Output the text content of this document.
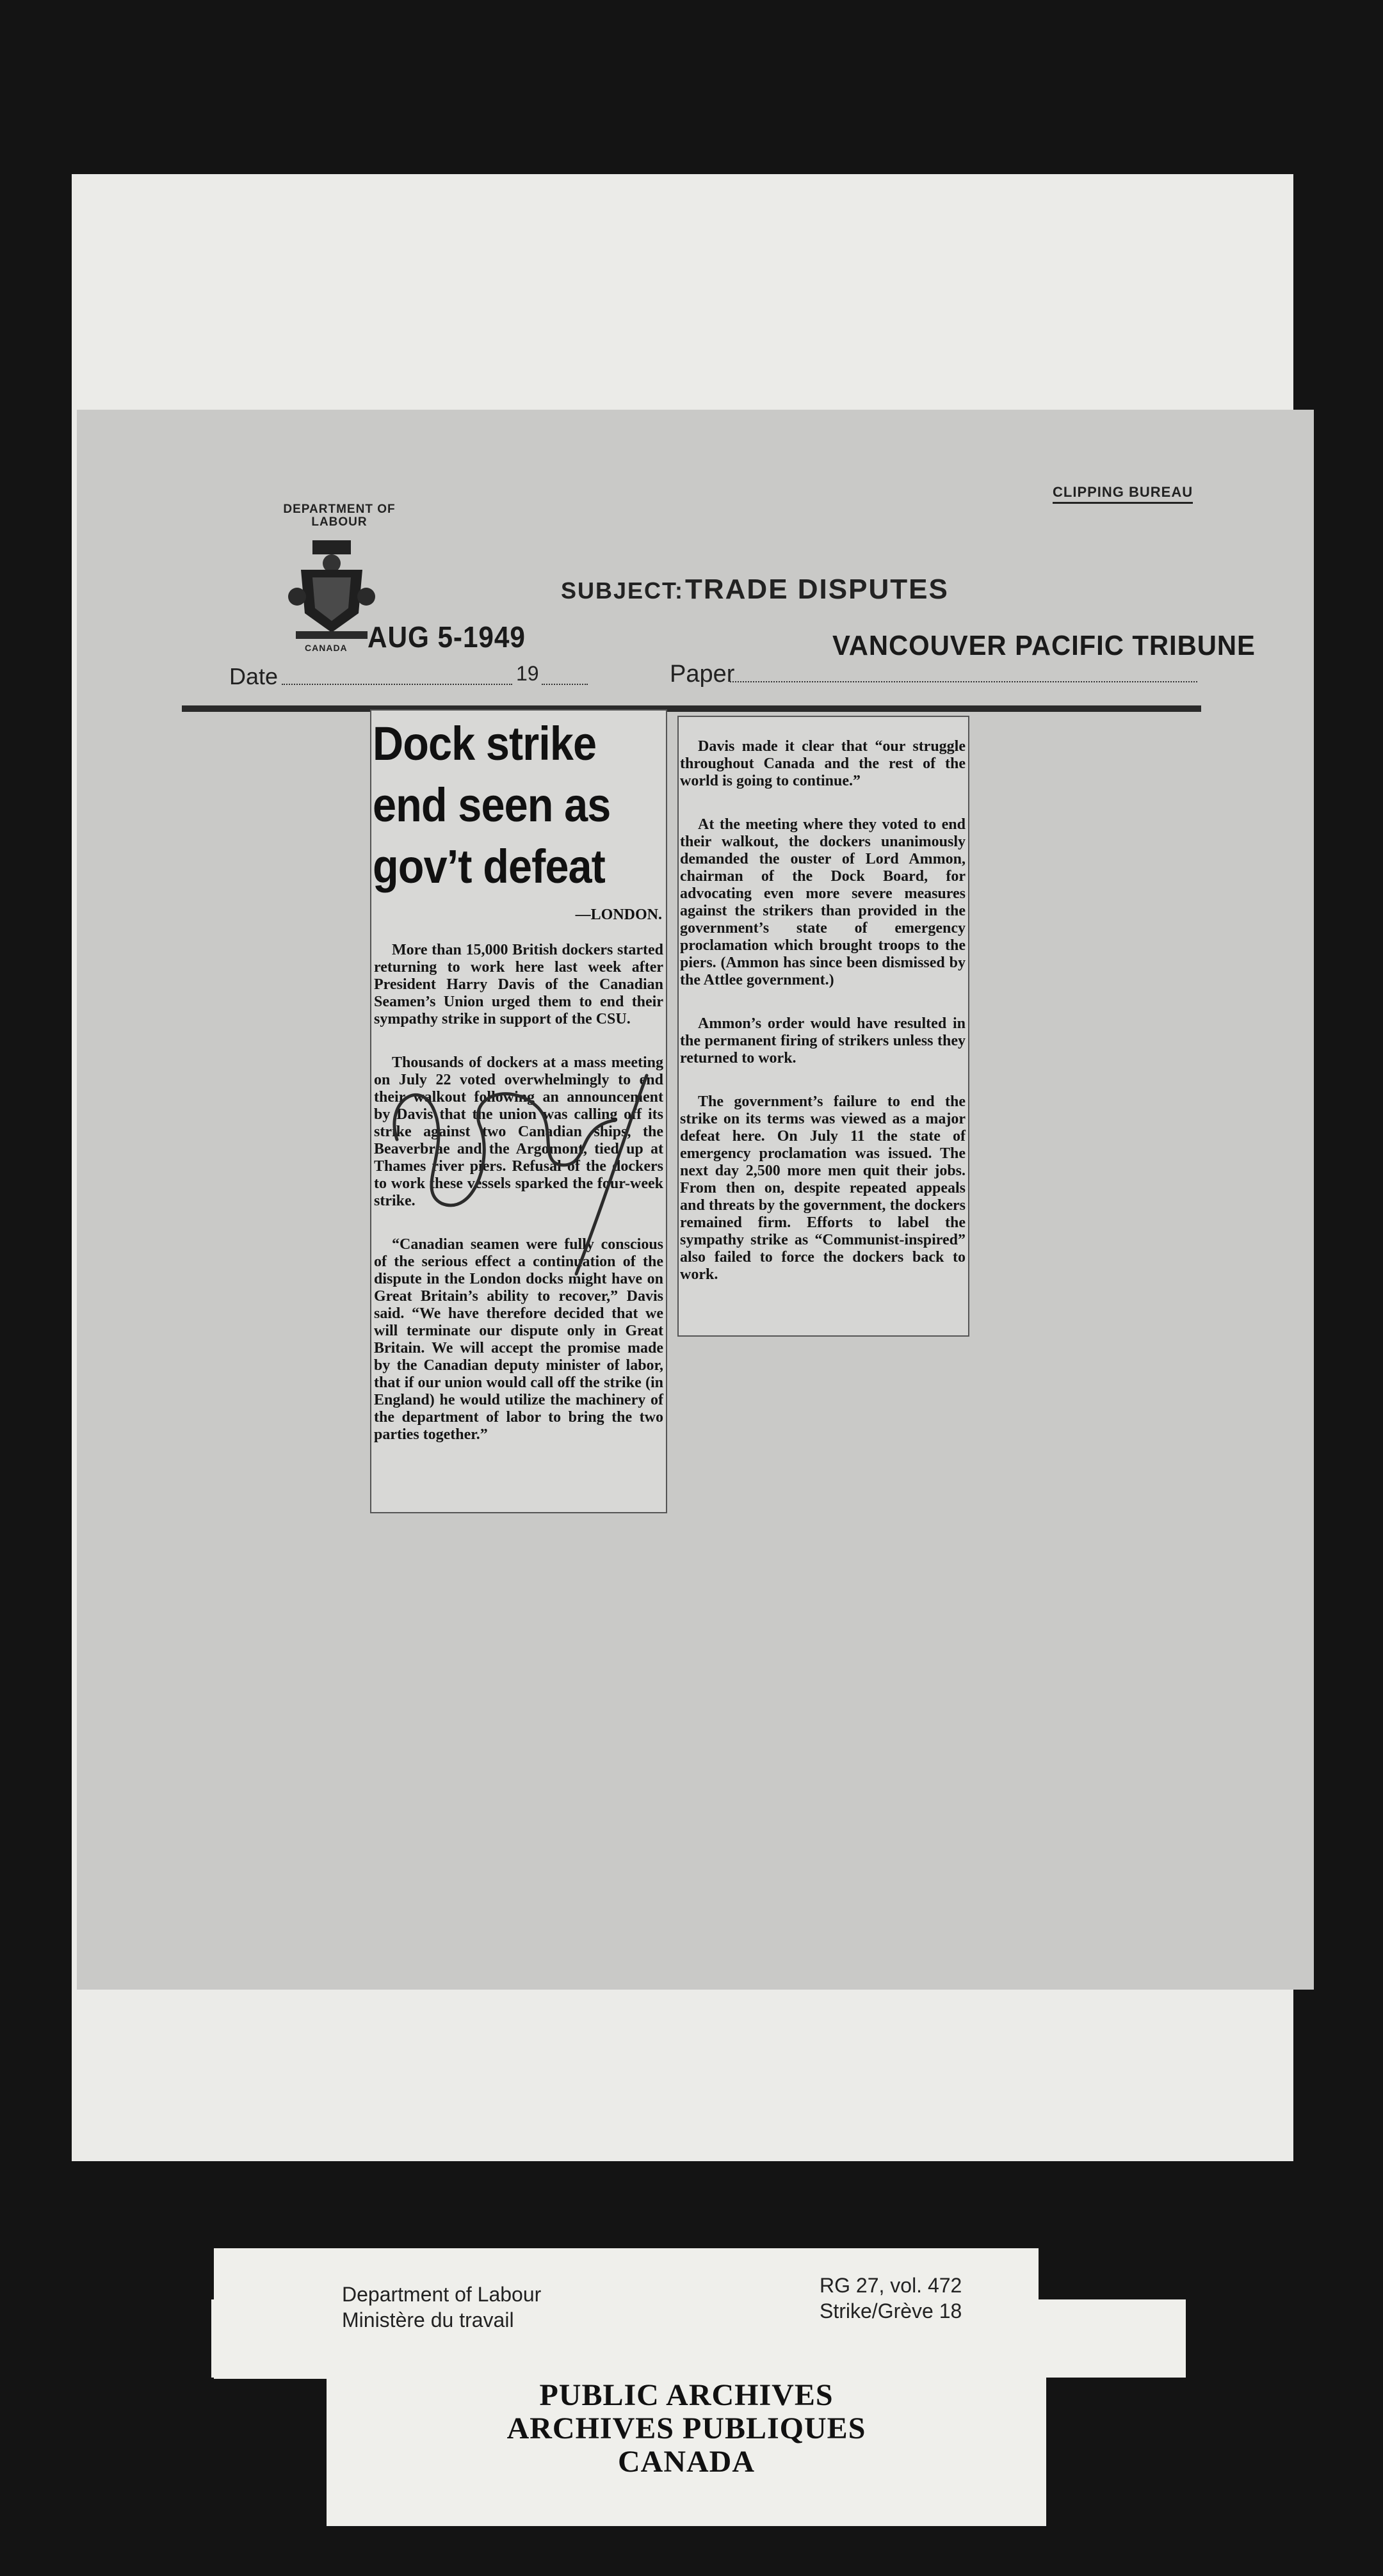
DEPARTMENT OF
LABOUR
CANADA
CLIPPING BUREAU
SUBJECT: TRADE DISPUTES
Date
AUG 5-1949
19	Paper
VANCOUVER PACIFIC TRIBUNE
Dock strike
end seen as
gov’t defeat
—LONDON.

More than 15,000 British dockers started returning to work here last week after President Harry Davis of the Canadian Seamen’s Union urged them to end their sympathy strike in support of the CSU.

Thousands of dockers at a mass meeting on July 22 voted overwhelmingly to end their walkout following an announcement by Davis that the union was calling off its strike against two Canadian ships, the Beaverbrae and the Argomont, tied up at Thames river piers. Refusal of the dockers to work these vessels sparked the four-week strike.

“Canadian seamen were fully conscious of the serious effect a continuation of the dispute in the London docks might have on Great Britain’s ability to recover,” Davis said. “We have therefore decided that we will terminate our dispute only in Great Britain. We will accept the promise made by the Canadian deputy minister of labor, that if our union would call off the strike (in England) he would utilize the machinery of the department of labor to bring the two parties together.”

Davis made it clear that “our struggle throughout Canada and the rest of the world is going to continue.”

At the meeting where they voted to end their walkout, the dockers unanimously demanded the ouster of Lord Ammon, chairman of the Dock Board, for advocating even more severe measures against the strikers than provided in the government’s state of emergency proclamation which brought troops to the piers. (Ammon has since been dismissed by the Attlee government.)

Ammon’s order would have resulted in the permanent firing of strikers unless they returned to work.

The government’s failure to end the strike on its terms was viewed as a major defeat here. On July 11 the state of emergency proclamation was issued. The next day 2,500 more men quit their jobs. From then on, despite repeated appeals and threats by the government, the dockers remained firm. Efforts to label the sympathy strike as “Communist-inspired” also failed to force the dockers back to work.

Department of Labour
Ministère du travail
RG 27, vol. 472
Strike/Grève 18
PUBLIC ARCHIVES
ARCHIVES PUBLIQUES
CANADA
